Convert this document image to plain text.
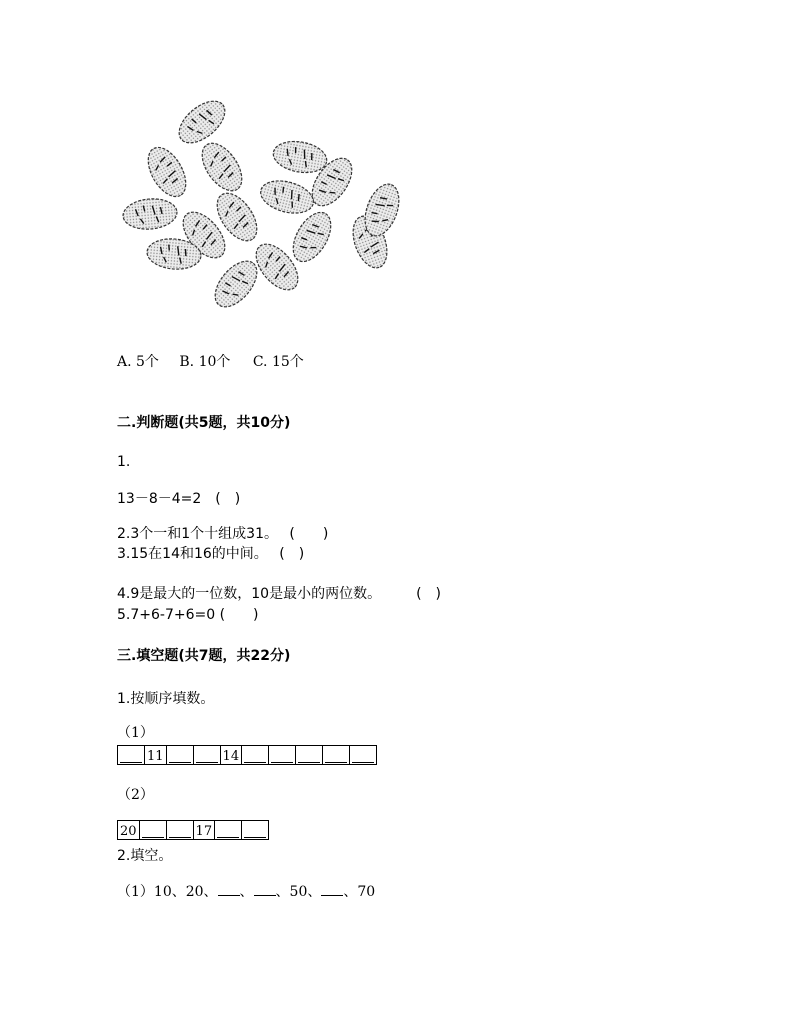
A. 5个 B. 10个 C. 15个
二.判断题(共5题，共10分)
1.
13－8－4=2　(　)
2.3个一和1个十组成31。　 (　　)
3.15在14和16的中间。　 (　)
4.9是最大的一位数，10是最小的两位数。　　　(　)
5.7+6-7+6=0 (　　)
三.填空题(共7题，共22分)
1.按顺序填数。
（1）
	11			14	

（2）
20			17	

2.填空。
（1）10、20、 、 、50、 、70
